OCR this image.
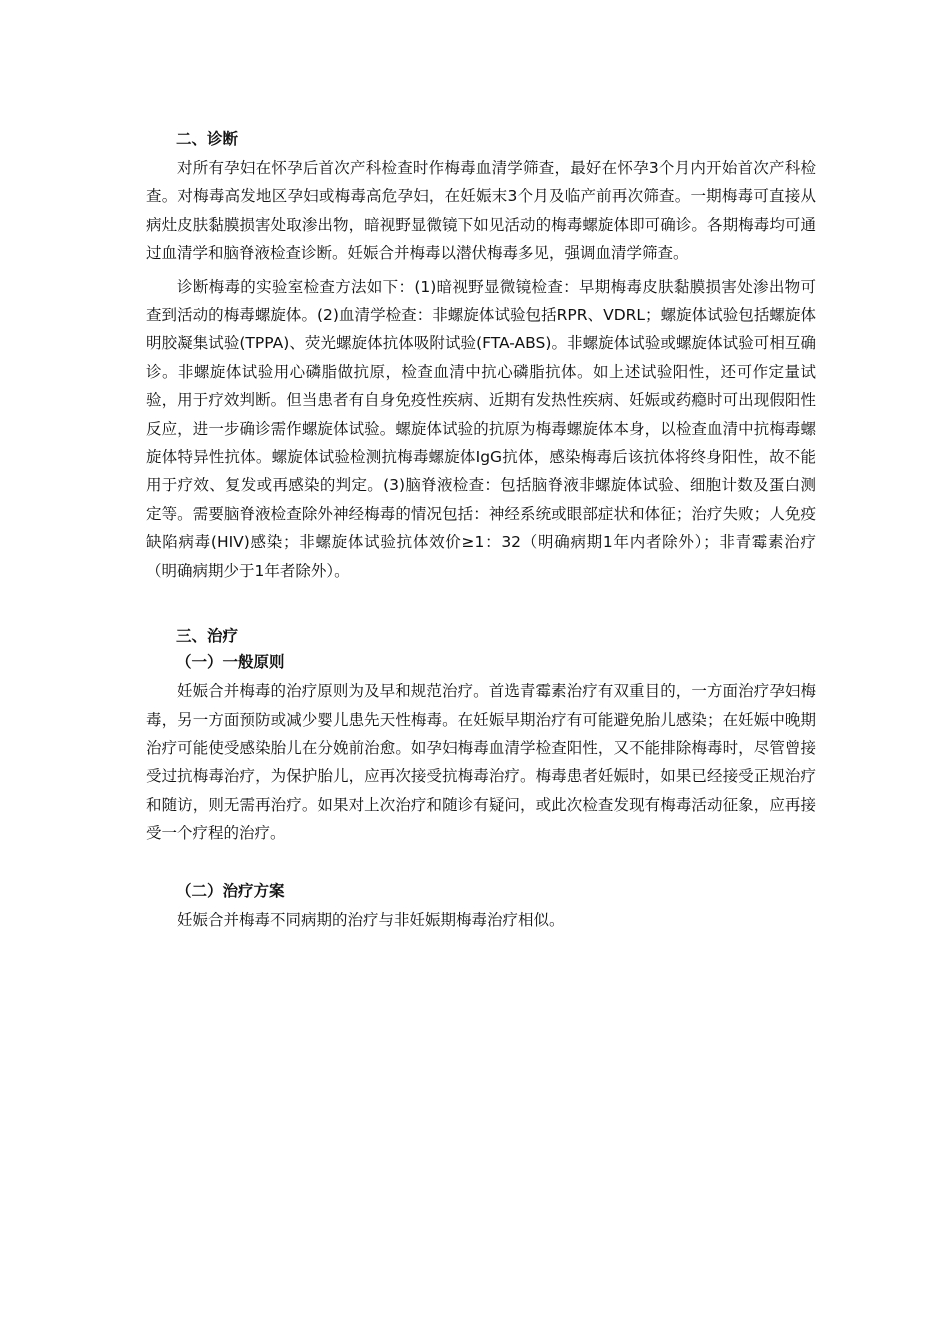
二、诊断

对所有孕妇在怀孕后首次产科检查时作梅毒血清学筛查，最好在怀孕3个月内开始首次产科检查。对梅毒高发地区孕妇或梅毒高危孕妇，在妊娠末3个月及临产前再次筛查。一期梅毒可直接从病灶皮肤黏膜损害处取渗出物，暗视野显微镜下如见活动的梅毒螺旋体即可确诊。各期梅毒均可通过血清学和脑脊液检查诊断。妊娠合并梅毒以潜伏梅毒多见，强调血清学筛查。

诊断梅毒的实验室检查方法如下：(1)暗视野显微镜检查：早期梅毒皮肤黏膜损害处渗出物可查到活动的梅毒螺旋体。(2)血清学检查：非螺旋体试验包括RPR、VDRL；螺旋体试验包括螺旋体明胶凝集试验(TPPA)、荧光螺旋体抗体吸附试验(FTA-ABS)。非螺旋体试验或螺旋体试验可相互确诊。非螺旋体试验用心磷脂做抗原，检查血清中抗心磷脂抗体。如上述试验阳性，还可作定量试验，用于疗效判断。但当患者有自身免疫性疾病、近期有发热性疾病、妊娠或药瘾时可出现假阳性反应，进一步确诊需作螺旋体试验。螺旋体试验的抗原为梅毒螺旋体本身，以检查血清中抗梅毒螺旋体特异性抗体。螺旋体试验检测抗梅毒螺旋体IgG抗体，感染梅毒后该抗体将终身阳性，故不能用于疗效、复发或再感染的判定。(3)脑脊液检查：包括脑脊液非螺旋体试验、细胞计数及蛋白测定等。需要脑脊液检查除外神经梅毒的情况包括：神经系统或眼部症状和体征；治疗失败；人免疫缺陷病毒(HIV)感染；非螺旋体试验抗体效价≥1：32（明确病期1年内者除外）；非青霉素治疗（明确病期少于1年者除外）。

三、治疗
（一）一般原则

妊娠合并梅毒的治疗原则为及早和规范治疗。首选青霉素治疗有双重目的，一方面治疗孕妇梅毒，另一方面预防或减少婴儿患先天性梅毒。在妊娠早期治疗有可能避免胎儿感染；在妊娠中晚期治疗可能使受感染胎儿在分娩前治愈。如孕妇梅毒血清学检查阳性，又不能排除梅毒时，尽管曾接受过抗梅毒治疗，为保护胎儿，应再次接受抗梅毒治疗。梅毒患者妊娠时，如果已经接受正规治疗和随访，则无需再治疗。如果对上次治疗和随诊有疑问，或此次检查发现有梅毒活动征象，应再接受一个疗程的治疗。

（二）治疗方案

妊娠合并梅毒不同病期的治疗与非妊娠期梅毒治疗相似。
